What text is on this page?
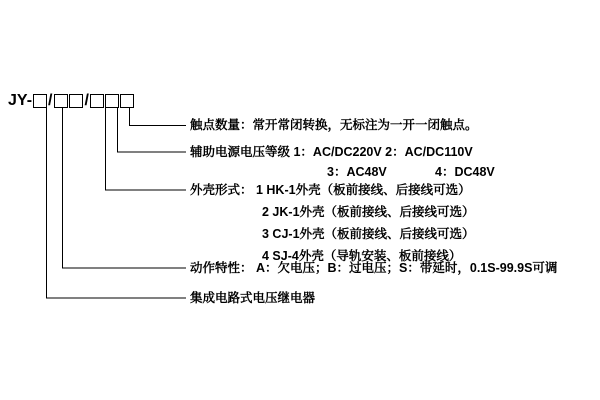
JY- / /
触点数量：常开常闭转换，无标注为一开一闭触点。
辅助电源电压等级 1：AC/DC220V 2：AC/DC110V
3：AC48V	4：DC48V
外壳形式： 1 HK-1外壳（板前接线、后接线可选）
2 JK-1外壳（板前接线、后接线可选）
3 CJ-1外壳（板前接线、后接线可选）
4 SJ-4外壳（导轨安装、板前接线）
动作特性： A：欠电压；B：过电压；S：带延时，0.1S-99.9S可调
集成电路式电压继电器
